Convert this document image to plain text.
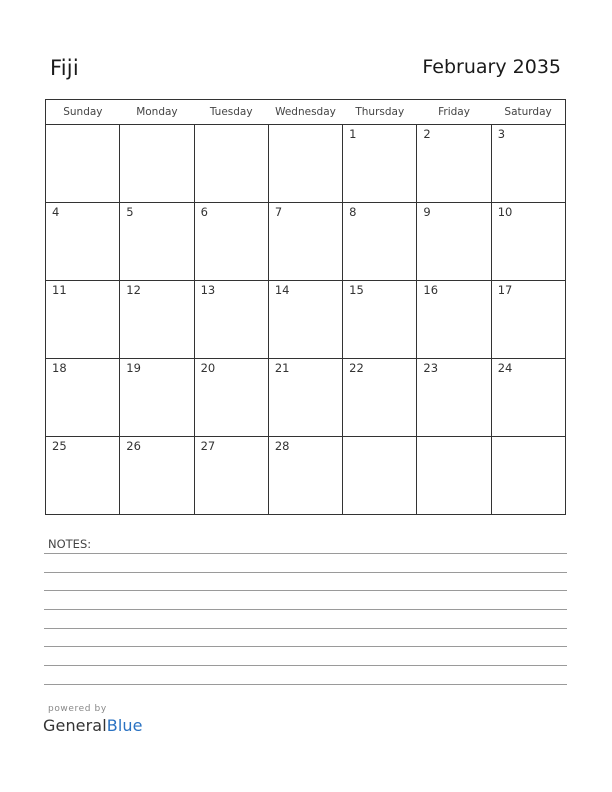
Fiji	February 2035
Sunday	Monday	Tuesday	Wednesday	Thursday	Friday	Saturday

				1	2	3

4	5	6	7	8	9	10

11	12	13	14	15	16	17

18	19	20	21	22	23	24

25	26	27	28			

NOTES:
powered by
GeneralBlue
